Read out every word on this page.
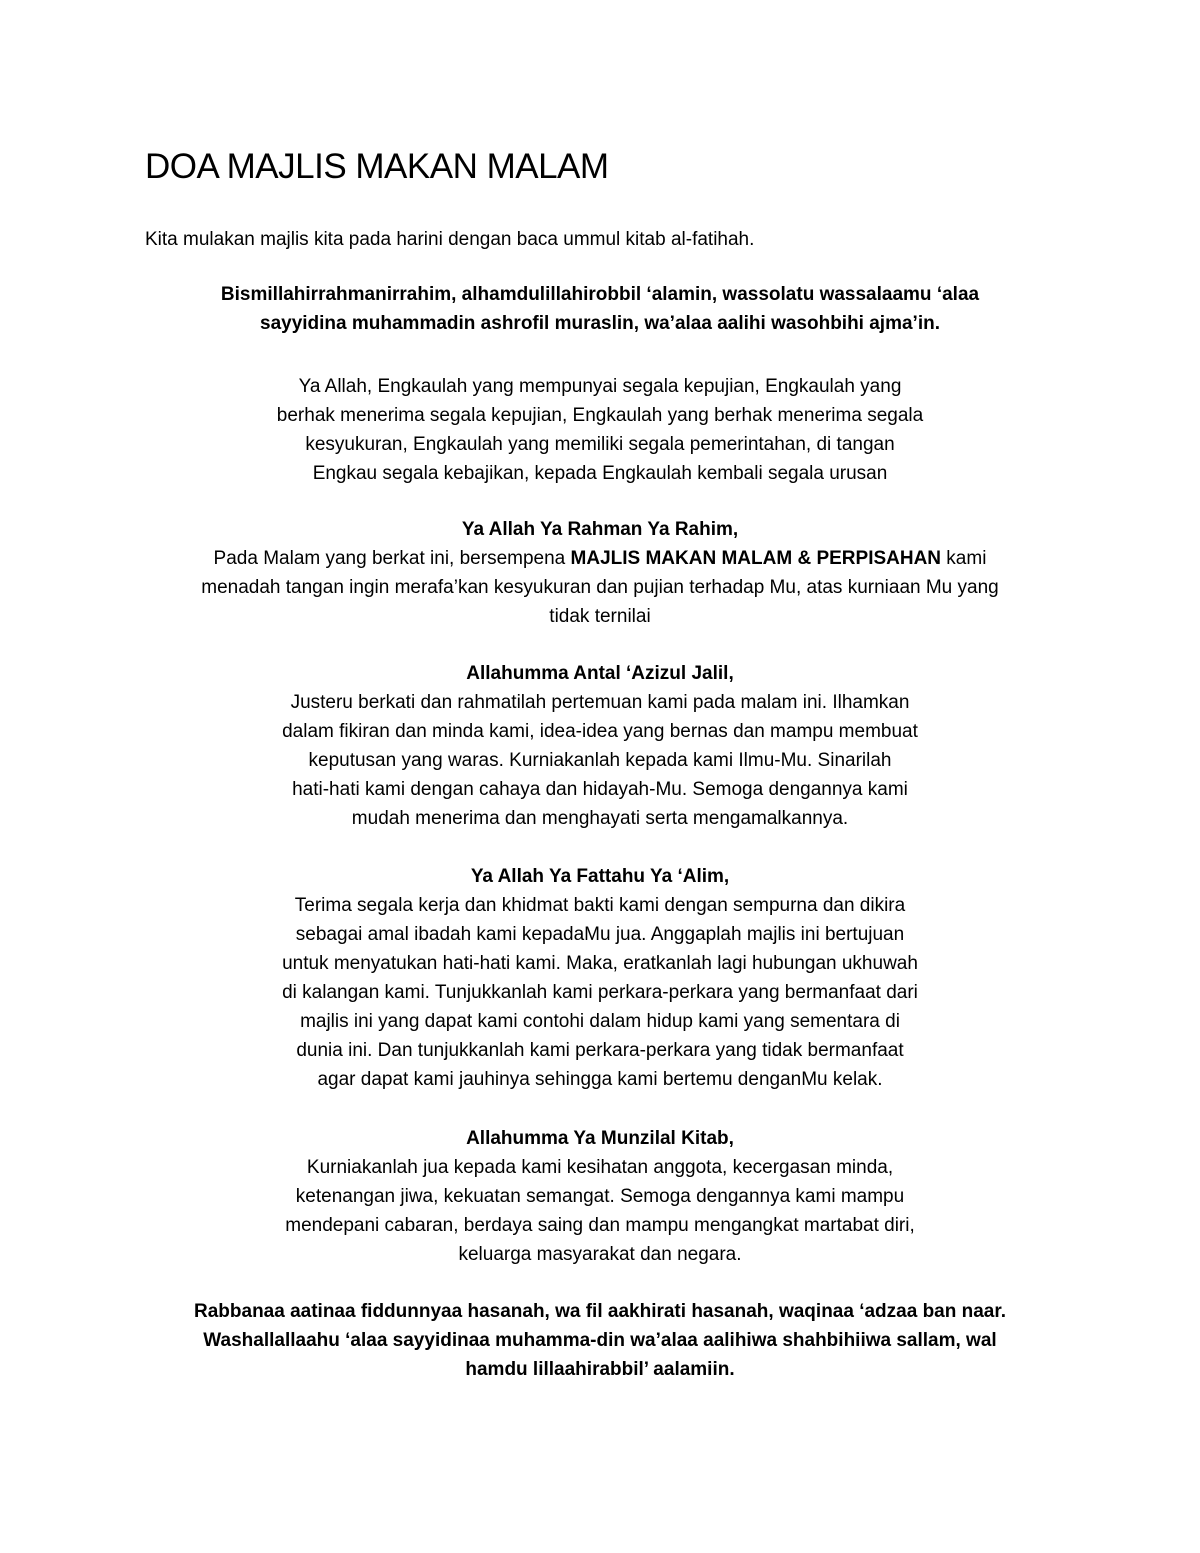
DOA MAJLIS MAKAN MALAM

Kita mulakan majlis kita pada harini dengan baca ummul kitab al-fatihah.

Bismillahirrahmanirrahim, alhamdulillahirobbil ‘alamin, wassolatu wassalaamu ‘alaa
sayyidina muhammadin ashrofil muraslin, wa’alaa aalihi wasohbihi ajma’in.
Ya Allah, Engkaulah yang mempunyai segala kepujian, Engkaulah yang
berhak menerima segala kepujian, Engkaulah yang berhak menerima segala
kesyukuran, Engkaulah yang memiliki segala pemerintahan, di tangan
Engkau segala kebajikan, kepada Engkaulah kembali segala urusan
Ya Allah Ya Rahman Ya Rahim,
Pada Malam yang berkat ini, bersempena MAJLIS MAKAN MALAM & PERPISAHAN kami
menadah tangan ingin merafa’kan kesyukuran dan pujian terhadap Mu, atas kurniaan Mu yang
tidak ternilai
Allahumma Antal ‘Azizul Jalil,
Justeru berkati dan rahmatilah pertemuan kami pada malam ini. Ilhamkan
dalam fikiran dan minda kami, idea-idea yang bernas dan mampu membuat
keputusan yang waras. Kurniakanlah kepada kami Ilmu-Mu. Sinarilah
hati-hati kami dengan cahaya dan hidayah-Mu. Semoga dengannya kami
mudah menerima dan menghayati serta mengamalkannya.
Ya Allah Ya Fattahu Ya ‘Alim,
Terima segala kerja dan khidmat bakti kami dengan sempurna dan dikira
sebagai amal ibadah kami kepadaMu jua. Anggaplah majlis ini bertujuan
untuk menyatukan hati-hati kami. Maka, eratkanlah lagi hubungan ukhuwah
di kalangan kami. Tunjukkanlah kami perkara-perkara yang bermanfaat dari
majlis ini yang dapat kami contohi dalam hidup kami yang sementara di
dunia ini. Dan tunjukkanlah kami perkara-perkara yang tidak bermanfaat
agar dapat kami jauhinya sehingga kami bertemu denganMu kelak.
Allahumma Ya Munzilal Kitab,
Kurniakanlah jua kepada kami kesihatan anggota, kecergasan minda,
ketenangan jiwa, kekuatan semangat. Semoga dengannya kami mampu
mendepani cabaran, berdaya saing dan mampu mengangkat martabat diri,
keluarga masyarakat dan negara.
Rabbanaa aatinaa fiddunnyaa hasanah, wa fil aakhirati hasanah, waqinaa ‘adzaa ban naar.
Washallallaahu ‘alaa sayyidinaa muhamma-din wa’alaa aalihiwa shahbihiiwa sallam, wal
hamdu lillaahirabbil’ aalamiin.
